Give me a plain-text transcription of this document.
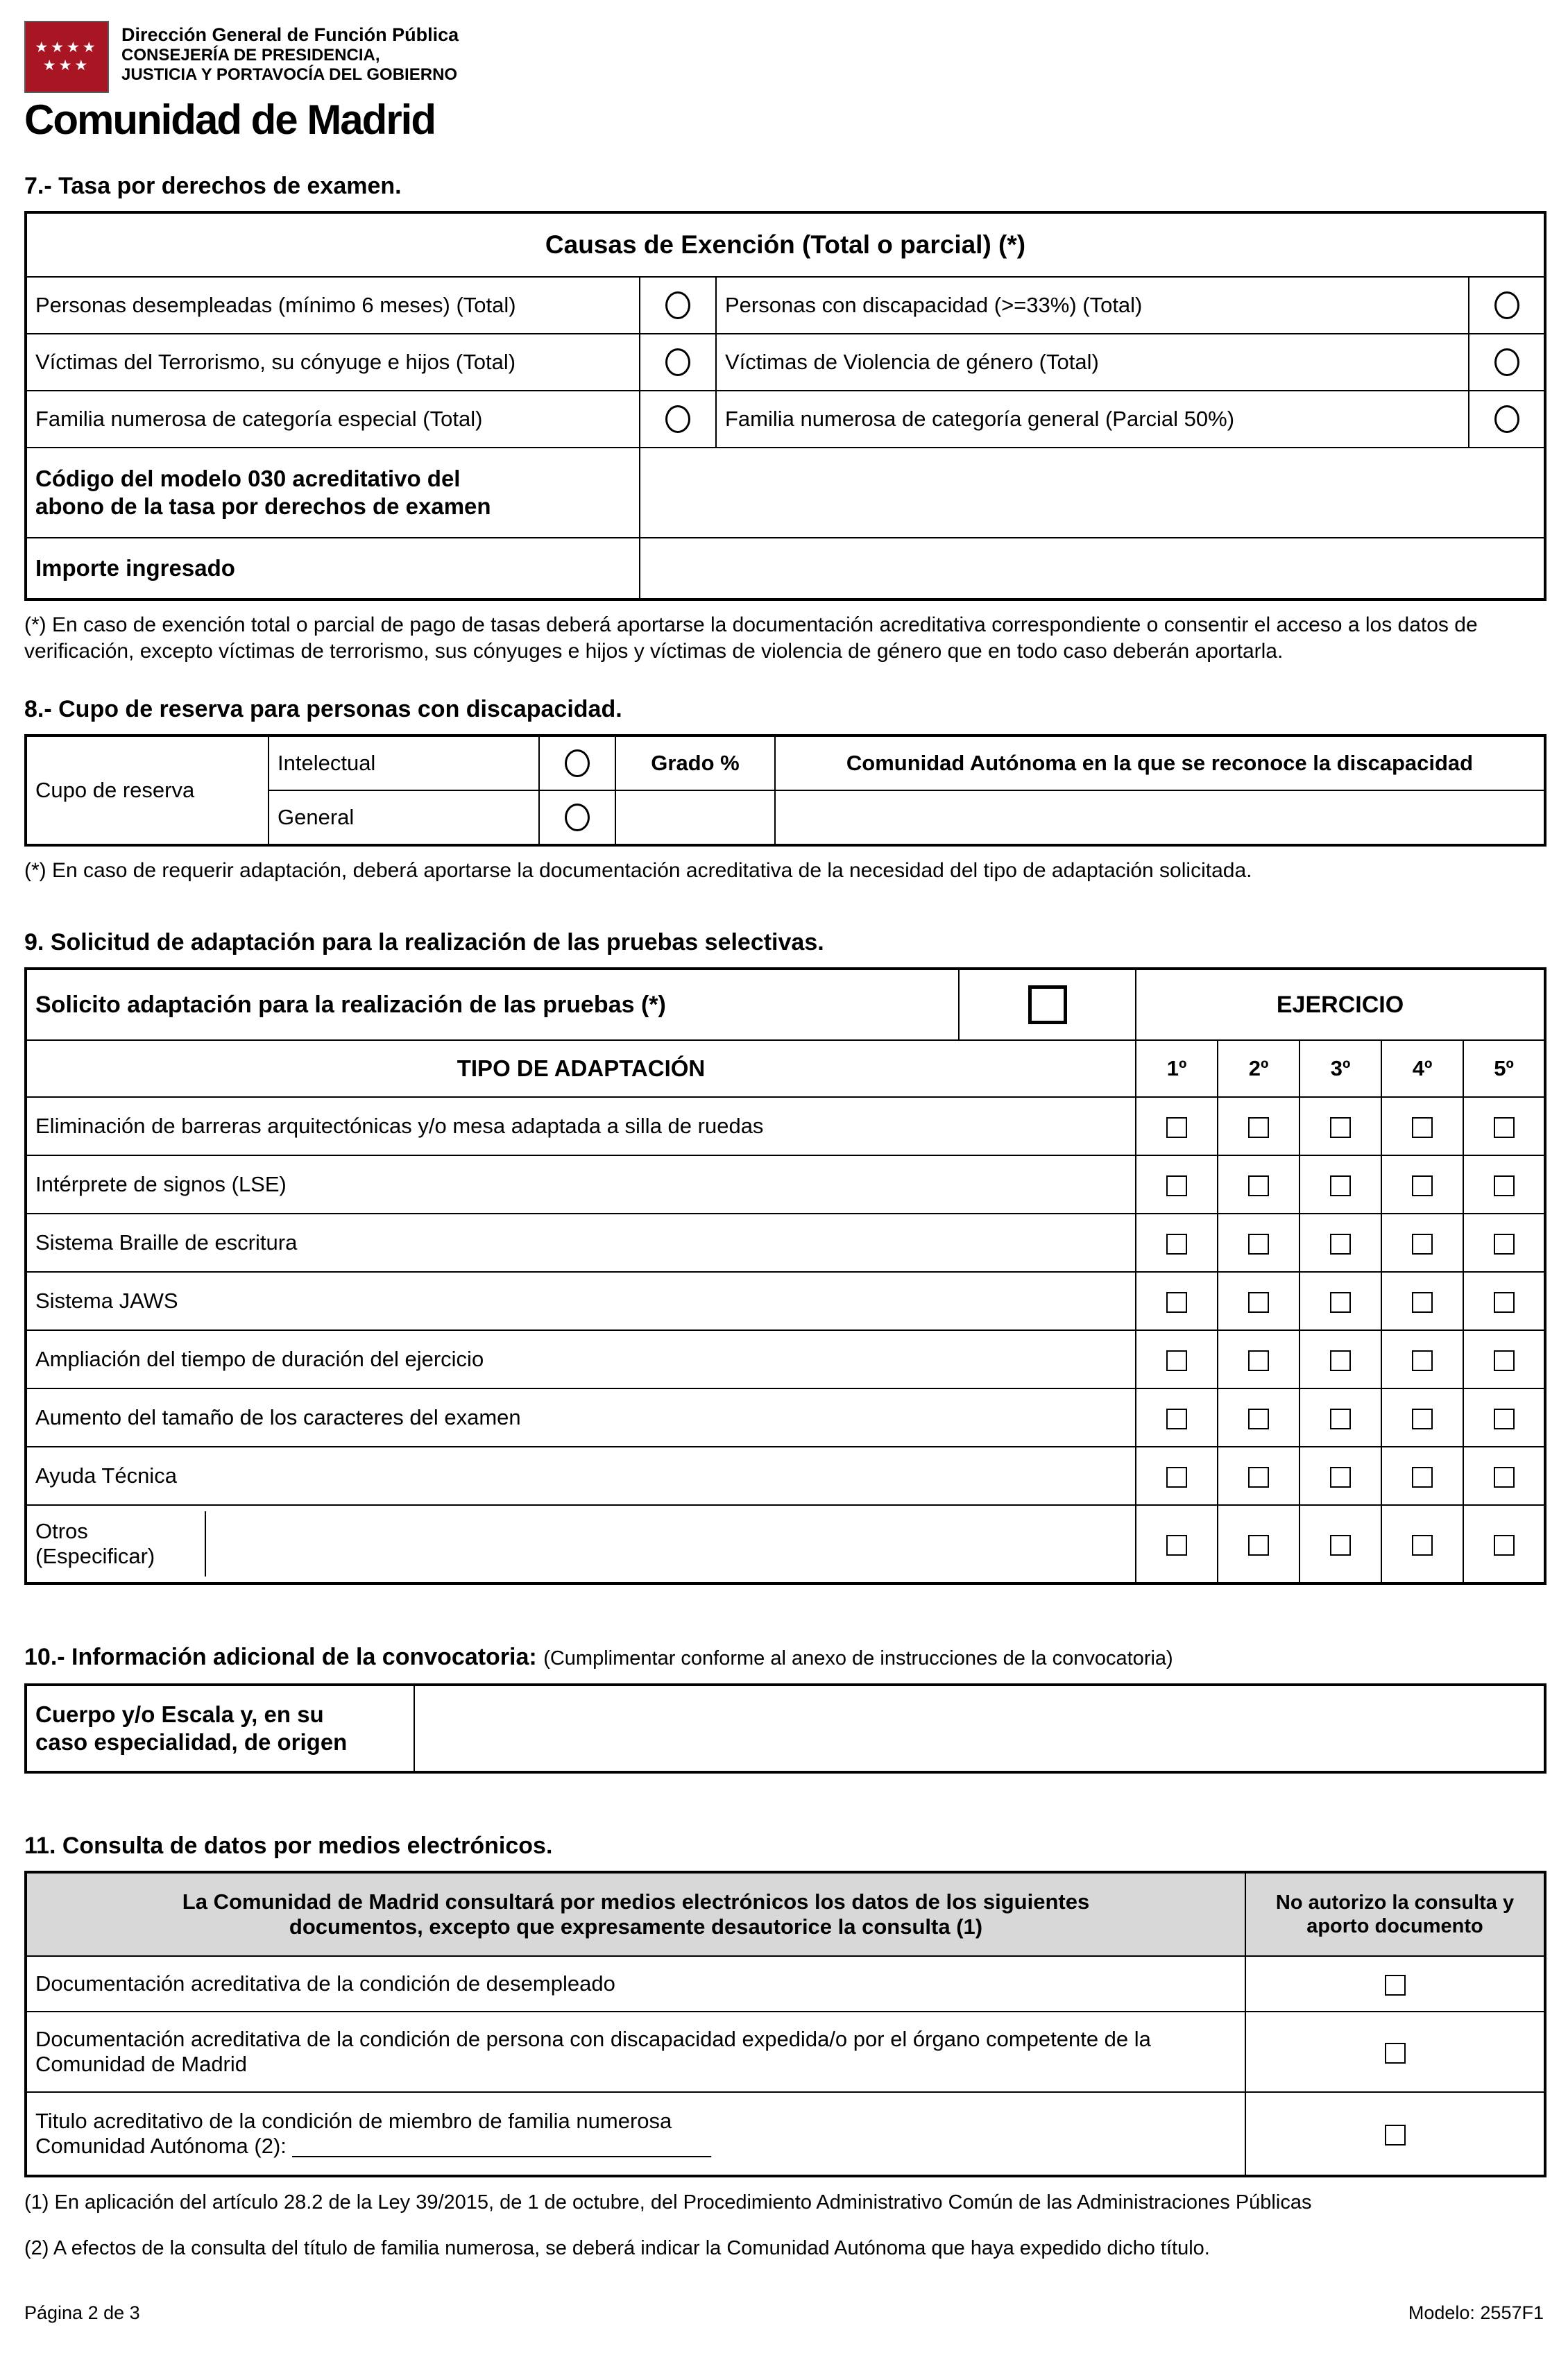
★★★★
★★★
Dirección General de Función Pública
CONSEJERÍA DE PRESIDENCIA,
JUSTICIA Y PORTAVOCÍA DEL GOBIERNO
Comunidad de Madrid
7.- Tasa por derechos de examen.
Causas de Exención (Total o parcial) (*)			
Personas desempleadas (mínimo 6 meses) (Total)		Personas con discapacidad (>=33%) (Total)	
Víctimas del Terrorismo, su cónyuge e hijos (Total)		Víctimas de Violencia de género (Total)	
Familia numerosa de categoría especial (Total)		Familia numerosa de categoría general (Parcial 50%)	

Código del modelo 030 acreditativo del abono de la tasa por derechos de examen			

Importe ingresado			

(*) En caso de exención total o parcial de pago de tasas deberá aportarse la documentación acreditativa correspondiente o consentir el acceso a los datos de verificación, excepto víctimas de terrorismo, sus cónyuges e hijos y víctimas de violencia de género que en todo caso deberán aportarla.

8.- Cupo de reserva para personas con discapacidad.
Cupo de reserva	Intelectual		Grado %	Comunidad Autónoma en la que se reconoce la discapacidad
	General			

(*) En caso de requerir adaptación, deberá aportarse la documentación acreditativa de la necesidad del tipo de adaptación solicitada.

9. Solicitud de adaptación para la realización de las pruebas selectivas.
Solicito adaptación para la realización de las pruebas (*)		EJERCICIO				
TIPO DE ADAPTACIÓN		1º	2º	3º	4º	5º
Eliminación de barreras arquitectónicas y/o mesa adaptada a silla de ruedas						
Intérprete de signos (LSE)						
Sistema Braille de escritura						
Sistema JAWS						
Ampliación del tiempo de duración del ejercicio						
Aumento del tamaño de los caracteres del examen						
Ayuda Técnica						

Otros (Especificar)						

10.- Información adicional de la convocatoria: (Cumplimentar conforme al anexo de instrucciones de la convocatoria)
Cuerpo y/o Escala y, en su caso especialidad, de origen

11. Consulta de datos por medios electrónicos.
La Comunidad de Madrid consultará por medios electrónicos los datos de los siguientes documentos, excepto que expresamente desautorice la consulta (1)	No autorizo la consulta y aporto documento
Documentación acreditativa de la condición de desempleado	
Documentación acreditativa de la condición de persona con discapacidad expedida/o por el órgano competente de la Comunidad de Madrid	

Titulo acreditativo de la condición de miembro de familia numerosa
Comunidad Autónoma (2): ___________________________________	

(1) En aplicación del artículo 28.2 de la Ley 39/2015, de 1 de octubre, del Procedimiento Administrativo Común de las Administraciones Públicas

(2) A efectos de la consulta del título de familia numerosa, se deberá indicar la Comunidad Autónoma que haya expedido dicho título.

Página 2 de 3	Modelo: 2557F1
